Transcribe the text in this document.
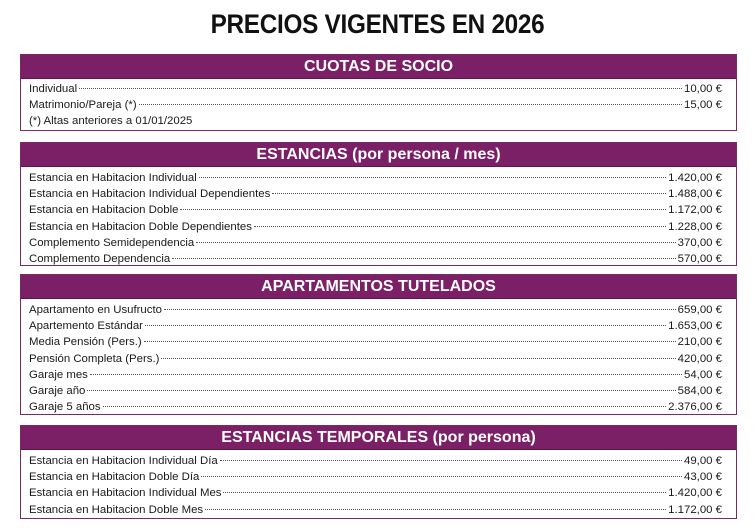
PRECIOS VIGENTES EN 2026
CUOTAS DE SOCIO
Individual	10,00 €
Matrimonio/Pareja (*)	15,00 €
(*) Altas anteriores a 01/01/2025
ESTANCIAS (por persona / mes)
Estancia en Habitacion Individual	1.420,00 €
Estancia en Habitacion Individual Dependientes	1.488,00 €
Estancia en Habitacion Doble	1.172,00 €
Estancia en Habitacion Doble Dependientes	1.228,00 €
Complemento Semidependencia	370,00 €
Complemento Dependencia	570,00 €
APARTAMENTOS TUTELADOS
Apartamento en Usufructo	659,00 €
Apartemento Estándar	1.653,00 €
Media Pensión (Pers.)	210,00 €
Pensión Completa (Pers.)	420,00 €
Garaje mes	54,00 €
Garaje año	584,00 €
Garaje 5 años	2.376,00 €
ESTANCIAS TEMPORALES (por persona)
Estancia en Habitacion Individual Día	49,00 €
Estancia en Habitacion Doble Día	43,00 €
Estancia en Habitacion Individual Mes	1.420,00 €
Estancia en Habitacion Doble Mes	1.172,00 €
